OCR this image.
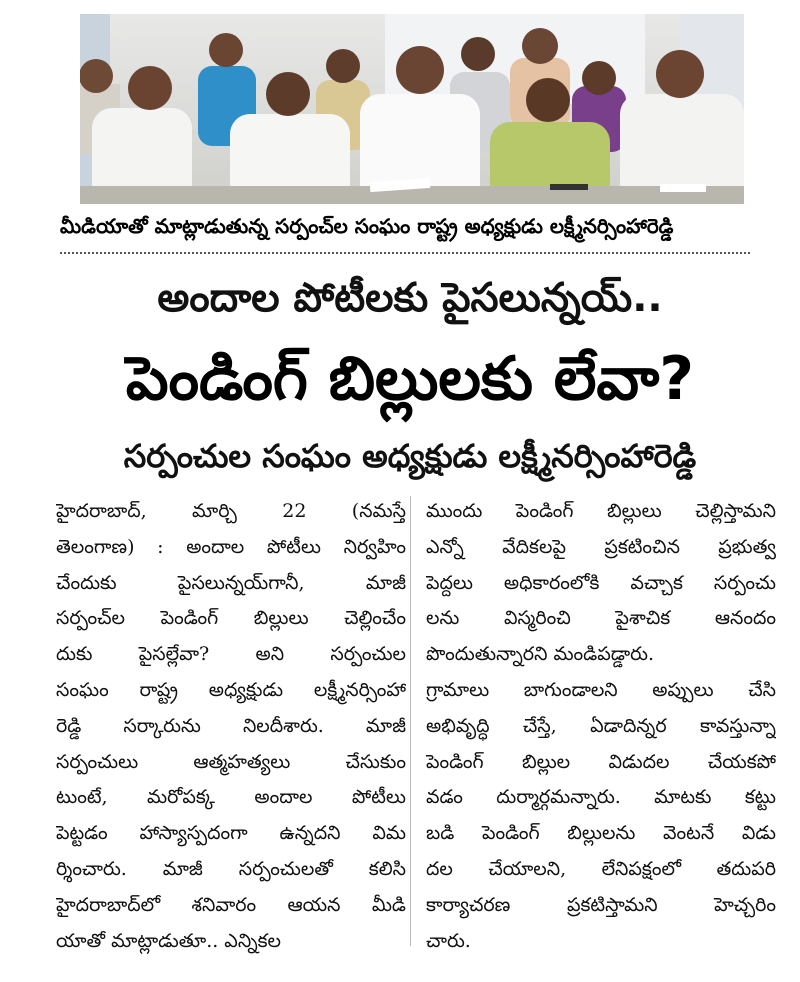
మీడియాతో మాట్లాడుతున్న సర్పంచ్‌ల సంఘం రాష్ట్ర అధ్యక్షుడు లక్ష్మీనర్సింహారెడ్డి
అందాల పోటీలకు పైసలున్నయ్..
పెండింగ్ బిల్లులకు లేవా?
సర్పంచుల సంఘం అధ్యక్షుడు లక్ష్మీనర్సింహారెడ్డి
హైదరాబాద్, మార్చి 22 (నమస్తే
తెలంగాణ) : అందాల పోటీలు నిర్వహిం
చేందుకు పైసలున్నయ్‌గానీ, మాజీ
సర్పంచ్‌ల పెండింగ్ బిల్లులు చెల్లించేం
దుకు పైసల్లేవా? అని సర్పంచుల
సంఘం రాష్ట్ర అధ్యక్షుడు లక్ష్మీనర్సింహా
రెడ్డి సర్కారును నిలదీశారు. మాజీ
సర్పంచులు ఆత్మహత్యలు చేసుకుం
టుంటే, మరోపక్క అందాల పోటీలు
పెట్టడం హాస్యాస్పదంగా ఉన్నదని విమ
ర్శించారు. మాజీ సర్పంచులతో కలిసి
హైదరాబాద్‌లో శనివారం ఆయన మీడి
యాతో మాట్లాడుతూ.. ఎన్నికల
ముందు పెండింగ్ బిల్లులు చెల్లిస్తామని
ఎన్నో వేదికలపై ప్రకటించిన ప్రభుత్వ
పెద్దలు అధికారంలోకి వచ్చాక సర్పంచు
లను విస్మరించి పైశాచిక ఆనందం
పొందుతున్నారని మండిపడ్డారు.
గ్రామాలు బాగుండాలని అప్పులు చేసి
అభివృద్ధి చేస్తే, ఏడాదిన్నర కావస్తున్నా
పెండింగ్ బిల్లుల విడుదల చేయకపో
వడం దుర్మార్గమన్నారు. మాటకు కట్టు
బడి పెండింగ్ బిల్లులను వెంటనే విడు
దల చేయాలని, లేనిపక్షంలో తదుపరి
కార్యాచరణ ప్రకటిస్తామని హెచ్చరిం
చారు.
